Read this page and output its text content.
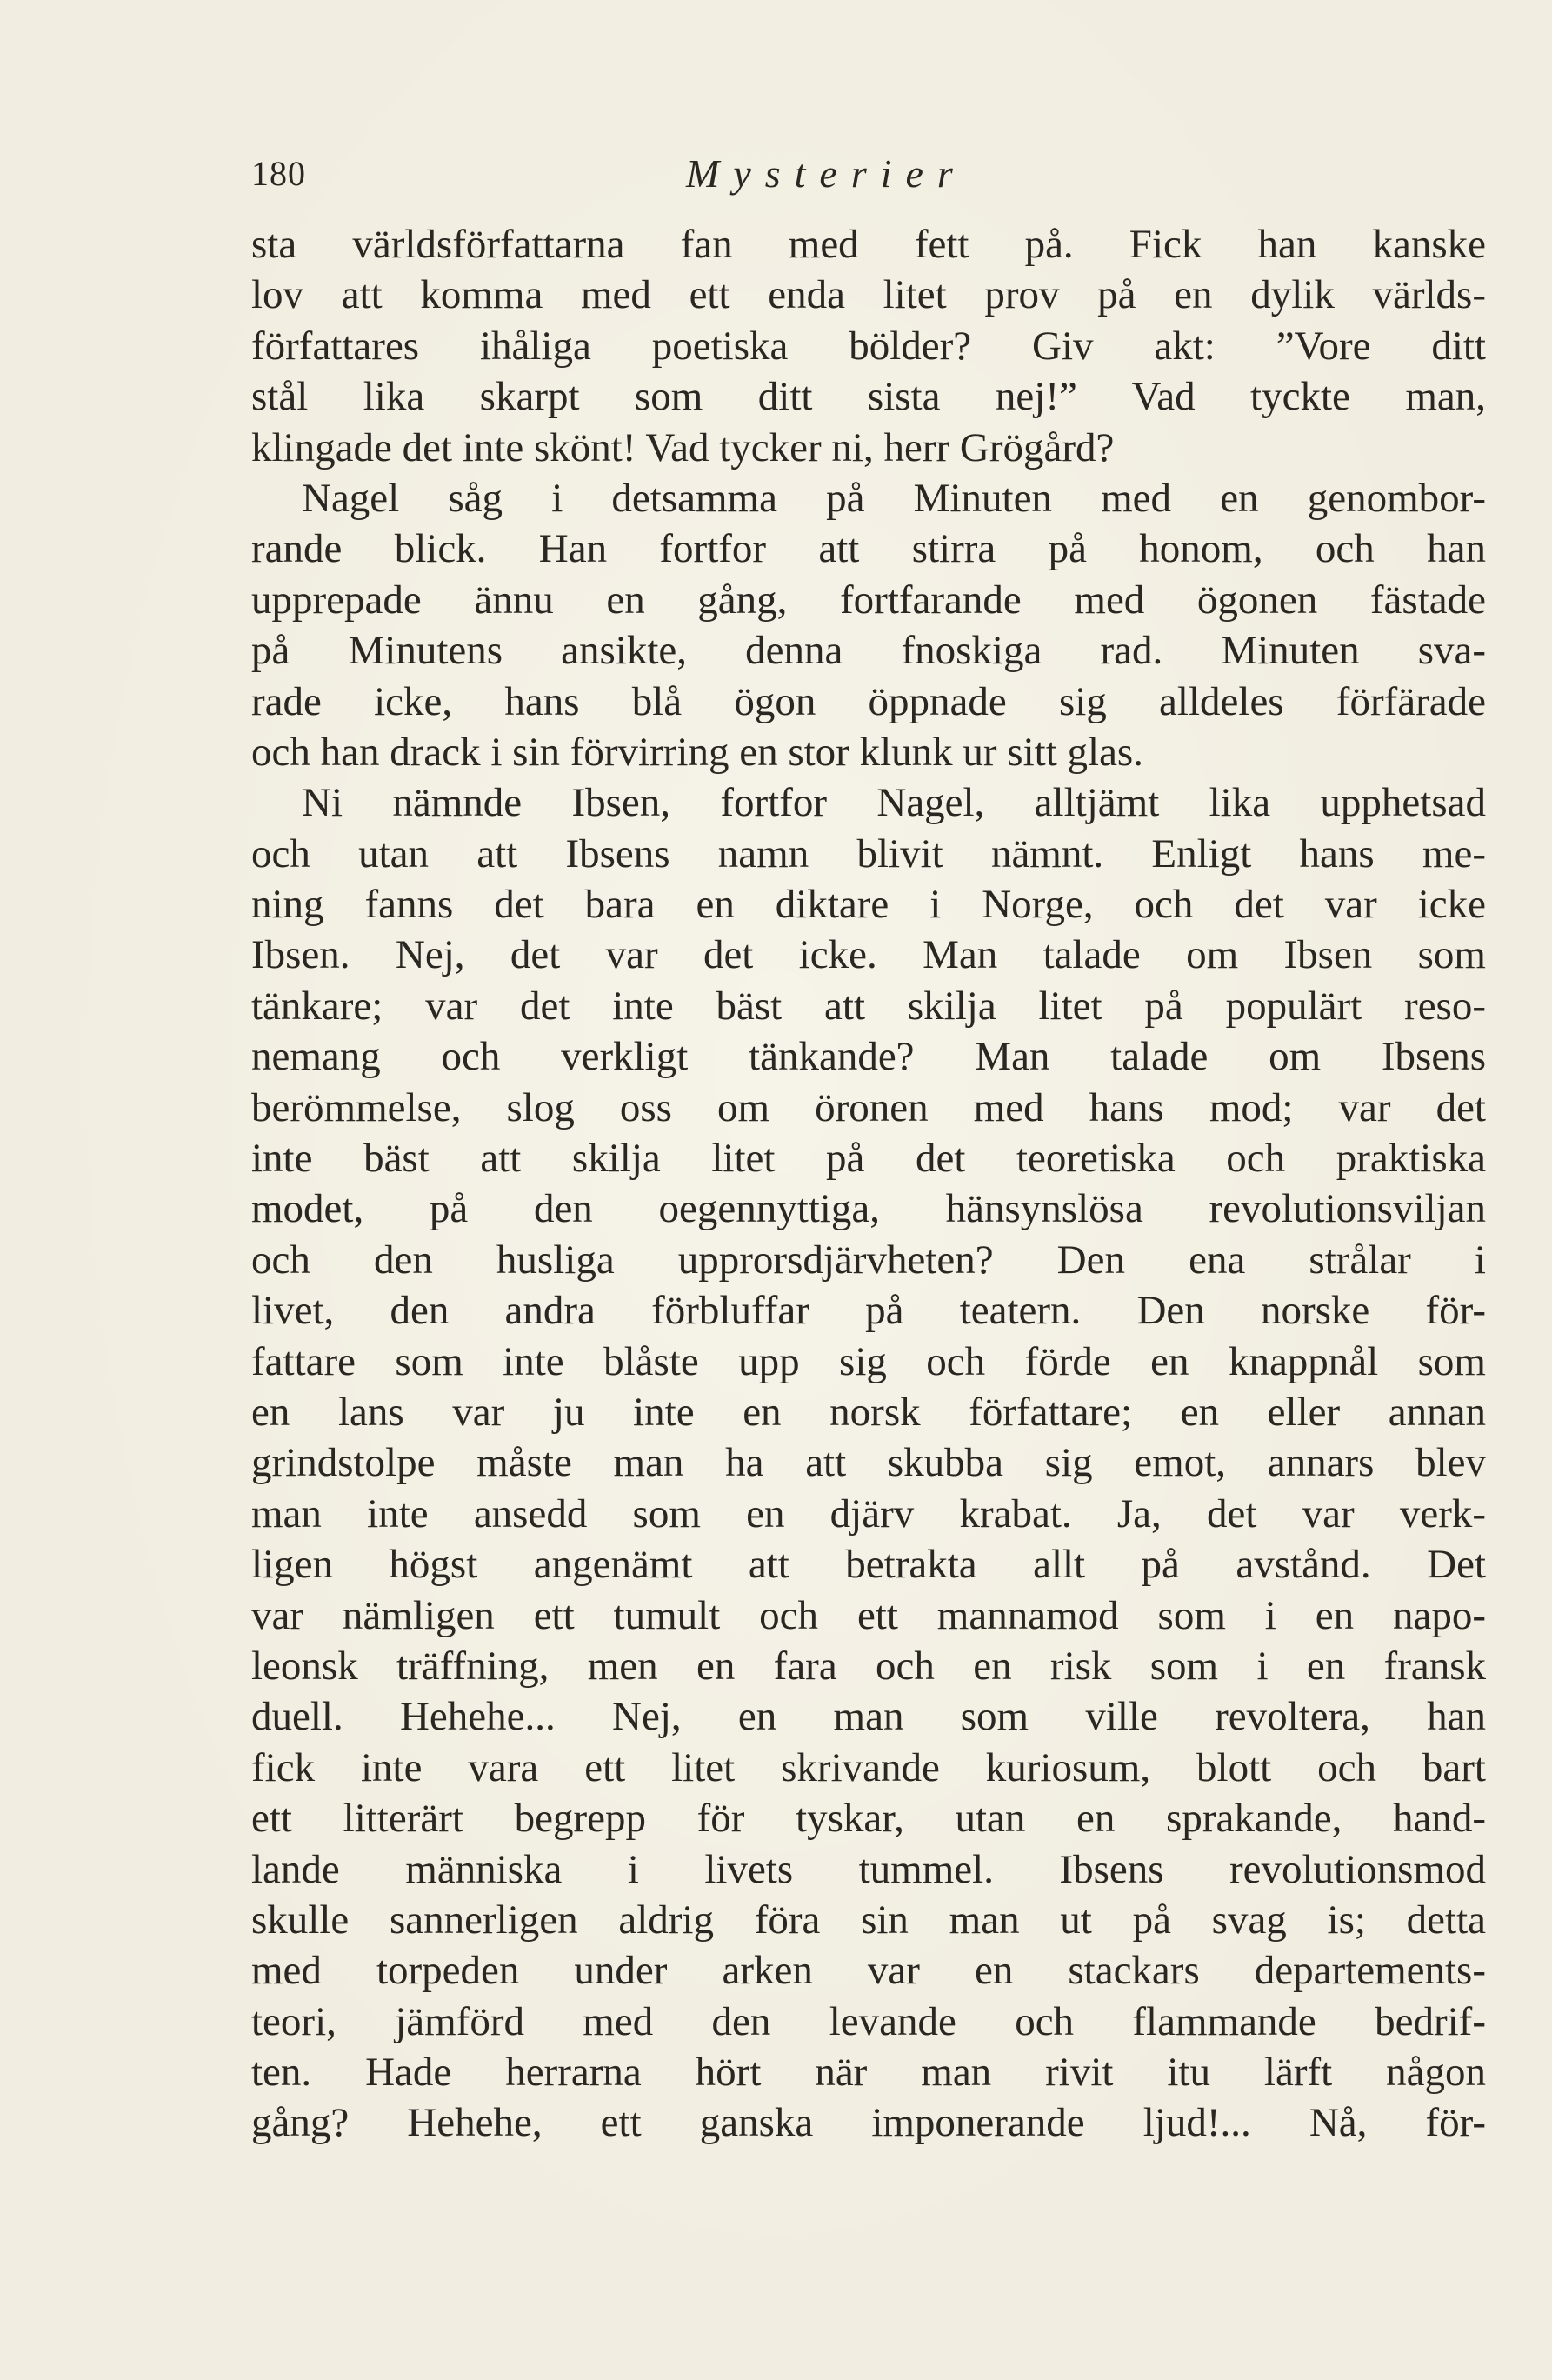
180	Mysterier
sta världsförfattarna fan med fett på. Fick han kanske
lov att komma med ett enda litet prov på en dylik världs-
författares ihåliga poetiska bölder? Giv akt: ”Vore ditt
stål lika skarpt som ditt sista nej!” Vad tyckte man,
klingade det inte skönt! Vad tycker ni, herr Grögård?
Nagel såg i detsamma på Minuten med en genombor-
rande blick. Han fortfor att stirra på honom, och han
upprepade ännu en gång, fortfarande med ögonen fästade
på Minutens ansikte, denna fnoskiga rad. Minuten sva-
rade icke, hans blå ögon öppnade sig alldeles förfärade
och han drack i sin förvirring en stor klunk ur sitt glas.
Ni nämnde Ibsen, fortfor Nagel, alltjämt lika upphetsad
och utan att Ibsens namn blivit nämnt. Enligt hans me-
ning fanns det bara en diktare i Norge, och det var icke
Ibsen. Nej, det var det icke. Man talade om Ibsen som
tänkare; var det inte bäst att skilja litet på populärt reso-
nemang och verkligt tänkande? Man talade om Ibsens
berömmelse, slog oss om öronen med hans mod; var det
inte bäst att skilja litet på det teoretiska och praktiska
modet, på den oegennyttiga, hänsynslösa revolutionsviljan
och den husliga upprorsdjärvheten? Den ena strålar i
livet, den andra förbluffar på teatern. Den norske för-
fattare som inte blåste upp sig och förde en knappnål som
en lans var ju inte en norsk författare; en eller annan
grindstolpe måste man ha att skubba sig emot, annars blev
man inte ansedd som en djärv krabat. Ja, det var verk-
ligen högst angenämt att betrakta allt på avstånd. Det
var nämligen ett tumult och ett mannamod som i en napo-
leonsk träffning, men en fara och en risk som i en fransk
duell. Hehehe... Nej, en man som ville revoltera, han
fick inte vara ett litet skrivande kuriosum, blott och bart
ett litterärt begrepp för tyskar, utan en sprakande, hand-
lande människa i livets tummel. Ibsens revolutionsmod
skulle sannerligen aldrig föra sin man ut på svag is; detta
med torpeden under arken var en stackars departements-
teori, jämförd med den levande och flammande bedrif-
ten. Hade herrarna hört när man rivit itu lärft någon
gång? Hehehe, ett ganska imponerande ljud!... Nå, för-
